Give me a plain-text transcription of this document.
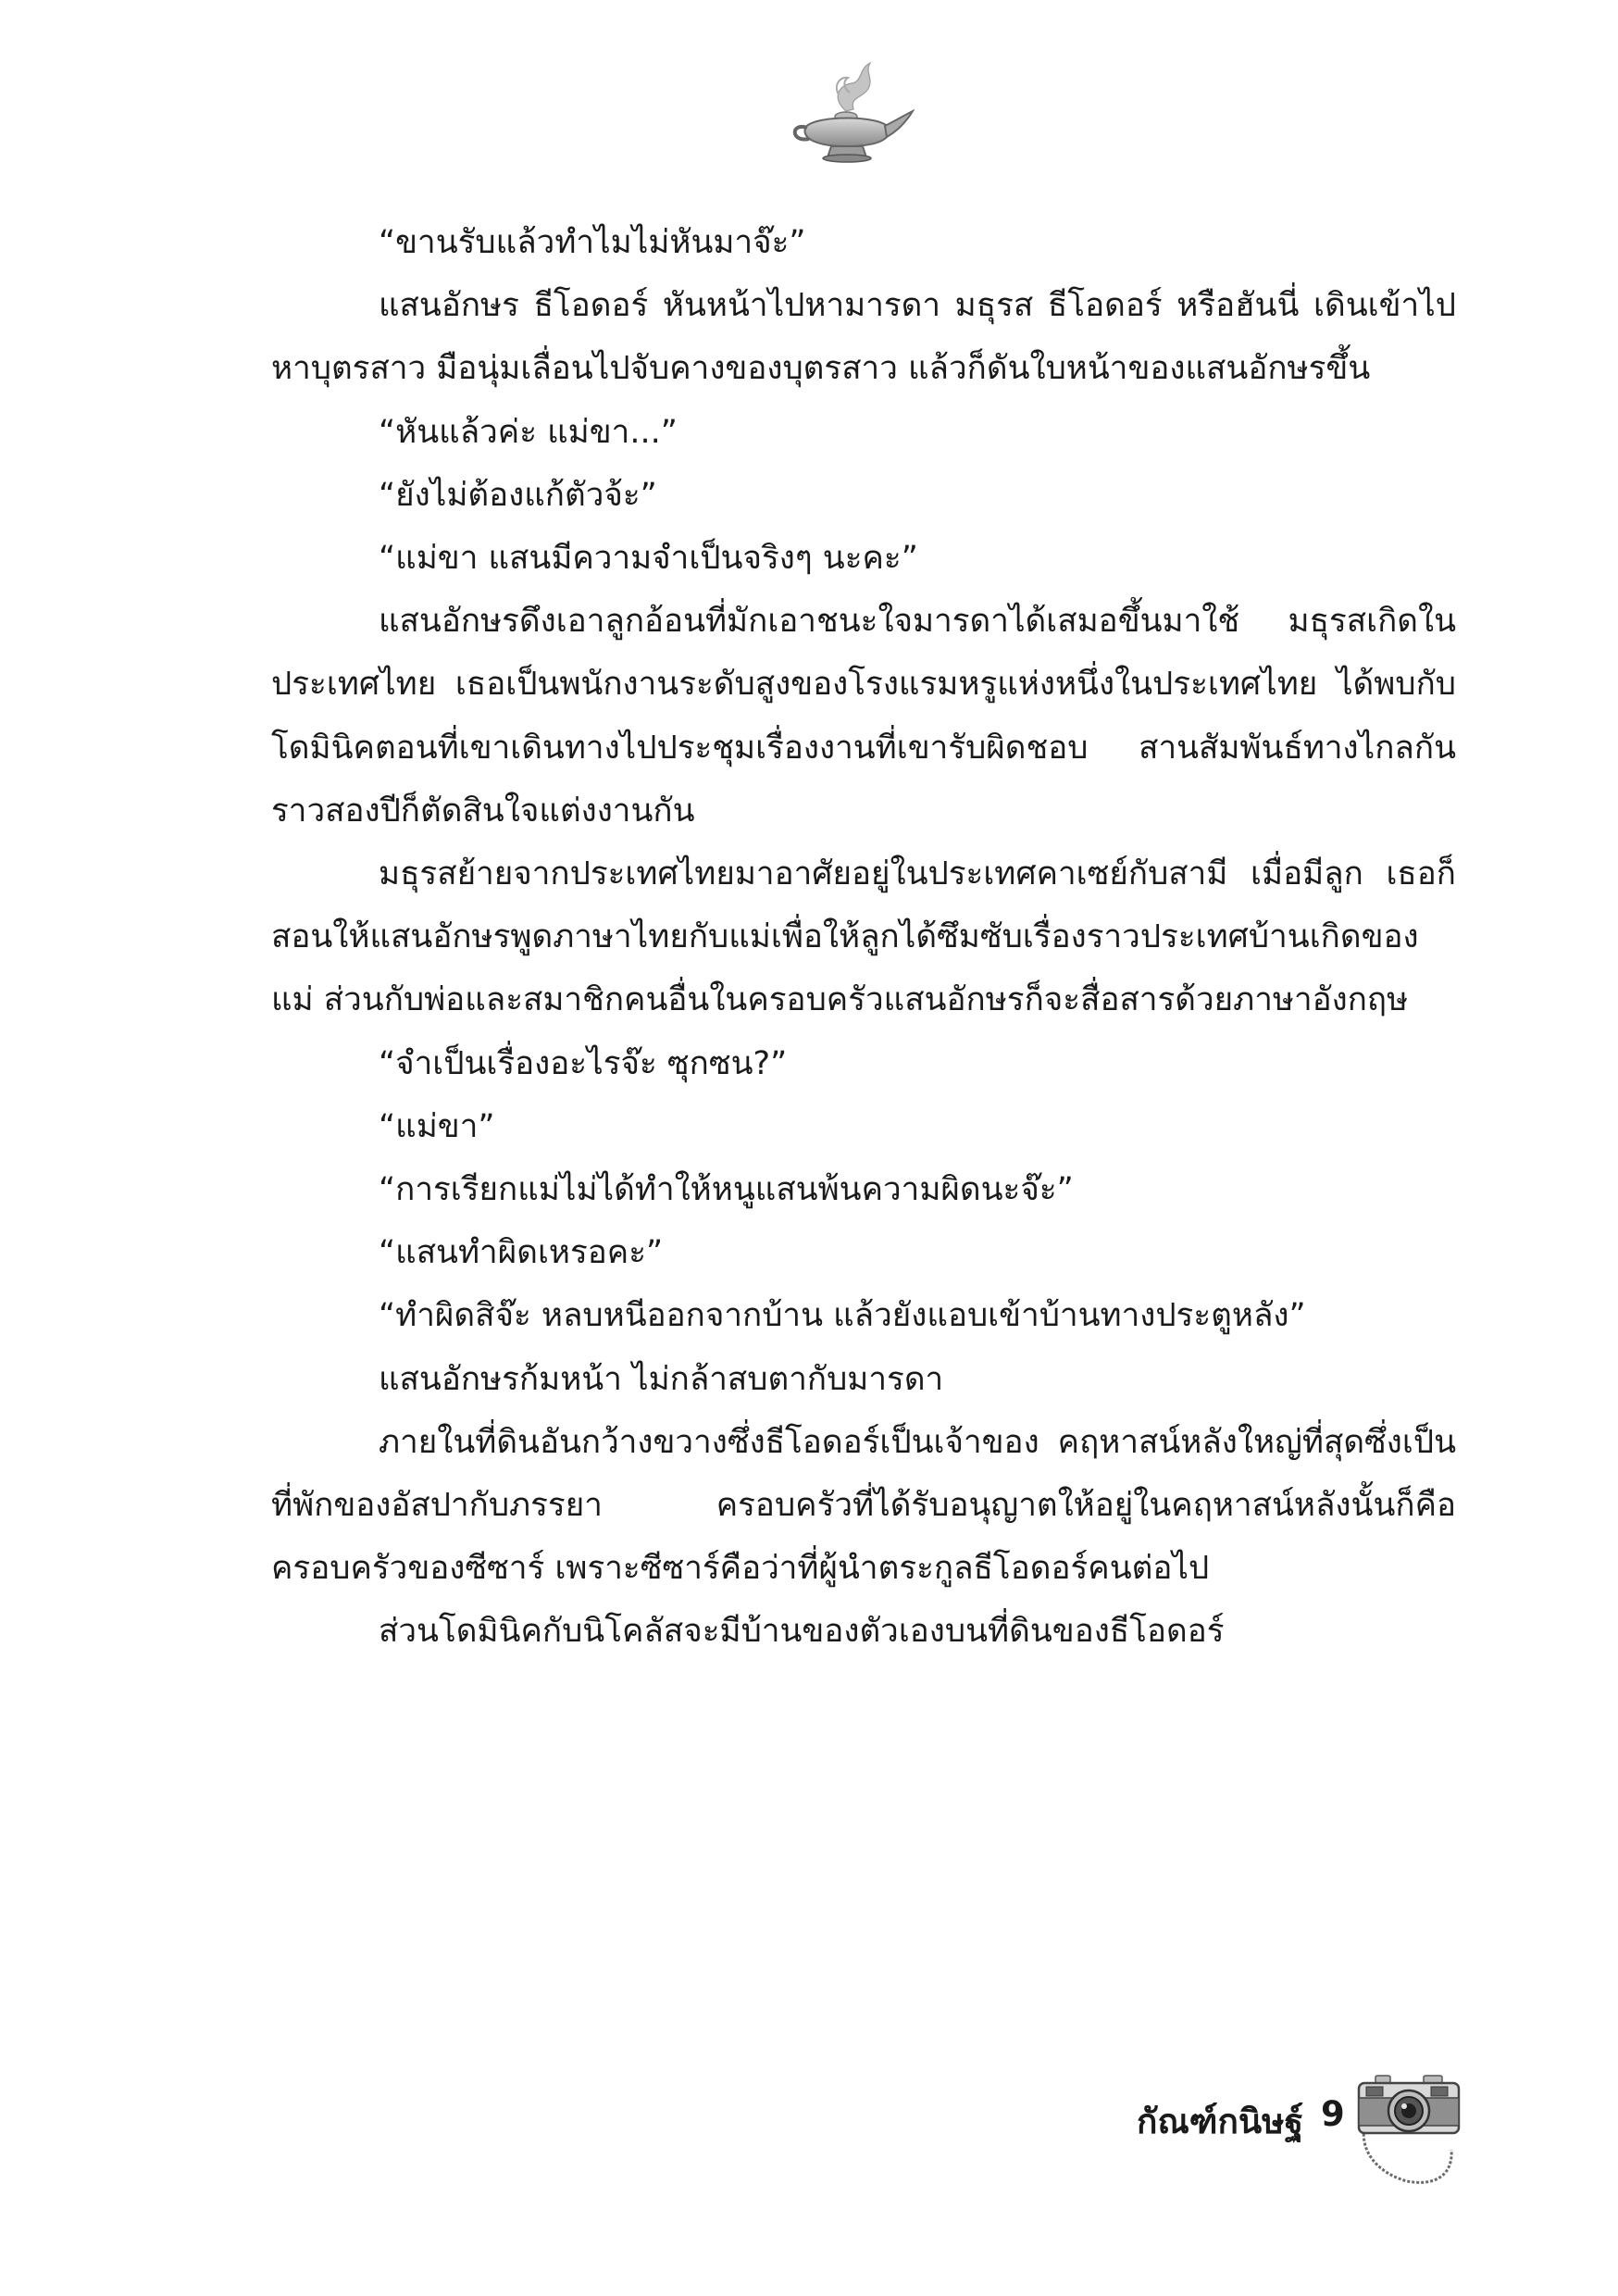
“ขานรับแล้วทำไมไม่หันมาจ๊ะ”

แสนอักษร ธีโอดอร์ หันหน้าไปหามารดา มธุรส ธีโอดอร์ หรือฮันนี่ เดินเข้าไปหาบุตรสาว มือนุ่มเลื่อนไปจับคางของบุตรสาว แล้วก็ดันใบหน้าของแสนอักษรขึ้น

“หันแล้วค่ะ แม่ขา...”

“ยังไม่ต้องแก้ตัวจ้ะ”

“แม่ขา แสนมีความจำเป็นจริงๆ นะคะ”

แสนอักษรดึงเอาลูกอ้อนที่มักเอาชนะใจมารดาได้เสมอขึ้นมาใช้ มธุรสเกิดในประเทศไทย เธอเป็นพนักงานระดับสูงของโรงแรมหรูแห่งหนึ่งในประเทศไทย ได้พบกับโดมินิคตอนที่เขาเดินทางไปประชุมเรื่องงานที่เขารับผิดชอบ สานสัมพันธ์ทางไกลกันราวสองปีก็ตัดสินใจแต่งงานกัน

มธุรสย้ายจากประเทศไทยมาอาศัยอยู่ในประเทศคาเซย์กับสามี เมื่อมีลูก เธอก็สอนให้แสนอักษรพูดภาษาไทยกับแม่เพื่อให้ลูกได้ซึมซับเรื่องราวประเทศบ้านเกิดของแม่ ส่วนกับพ่อและสมาชิกคนอื่นในครอบครัวแสนอักษรก็จะสื่อสารด้วยภาษาอังกฤษ

“จำเป็นเรื่องอะไรจ๊ะ ซุกซน?”

“แม่ขา”

“การเรียกแม่ไม่ได้ทำให้หนูแสนพ้นความผิดนะจ๊ะ”

“แสนทำผิดเหรอคะ”

“ทำผิดสิจ๊ะ หลบหนีออกจากบ้าน แล้วยังแอบเข้าบ้านทางประตูหลัง”

แสนอักษรก้มหน้า ไม่กล้าสบตากับมารดา

ภายในที่ดินอันกว้างขวางซึ่งธีโอดอร์เป็นเจ้าของ คฤหาสน์หลังใหญ่ที่สุดซึ่งเป็นที่พักของอัสปากับภรรยา ครอบครัวที่ได้รับอนุญาตให้อยู่ในคฤหาสน์หลังนั้นก็คือครอบครัวของซีซาร์ เพราะซีซาร์คือว่าที่ผู้นำตระกูลธีโอดอร์คนต่อไป

ส่วนโดมินิคกับนิโคลัสจะมีบ้านของตัวเองบนที่ดินของธีโอดอร์

กัณฑ์กนิษฐ์ 9
